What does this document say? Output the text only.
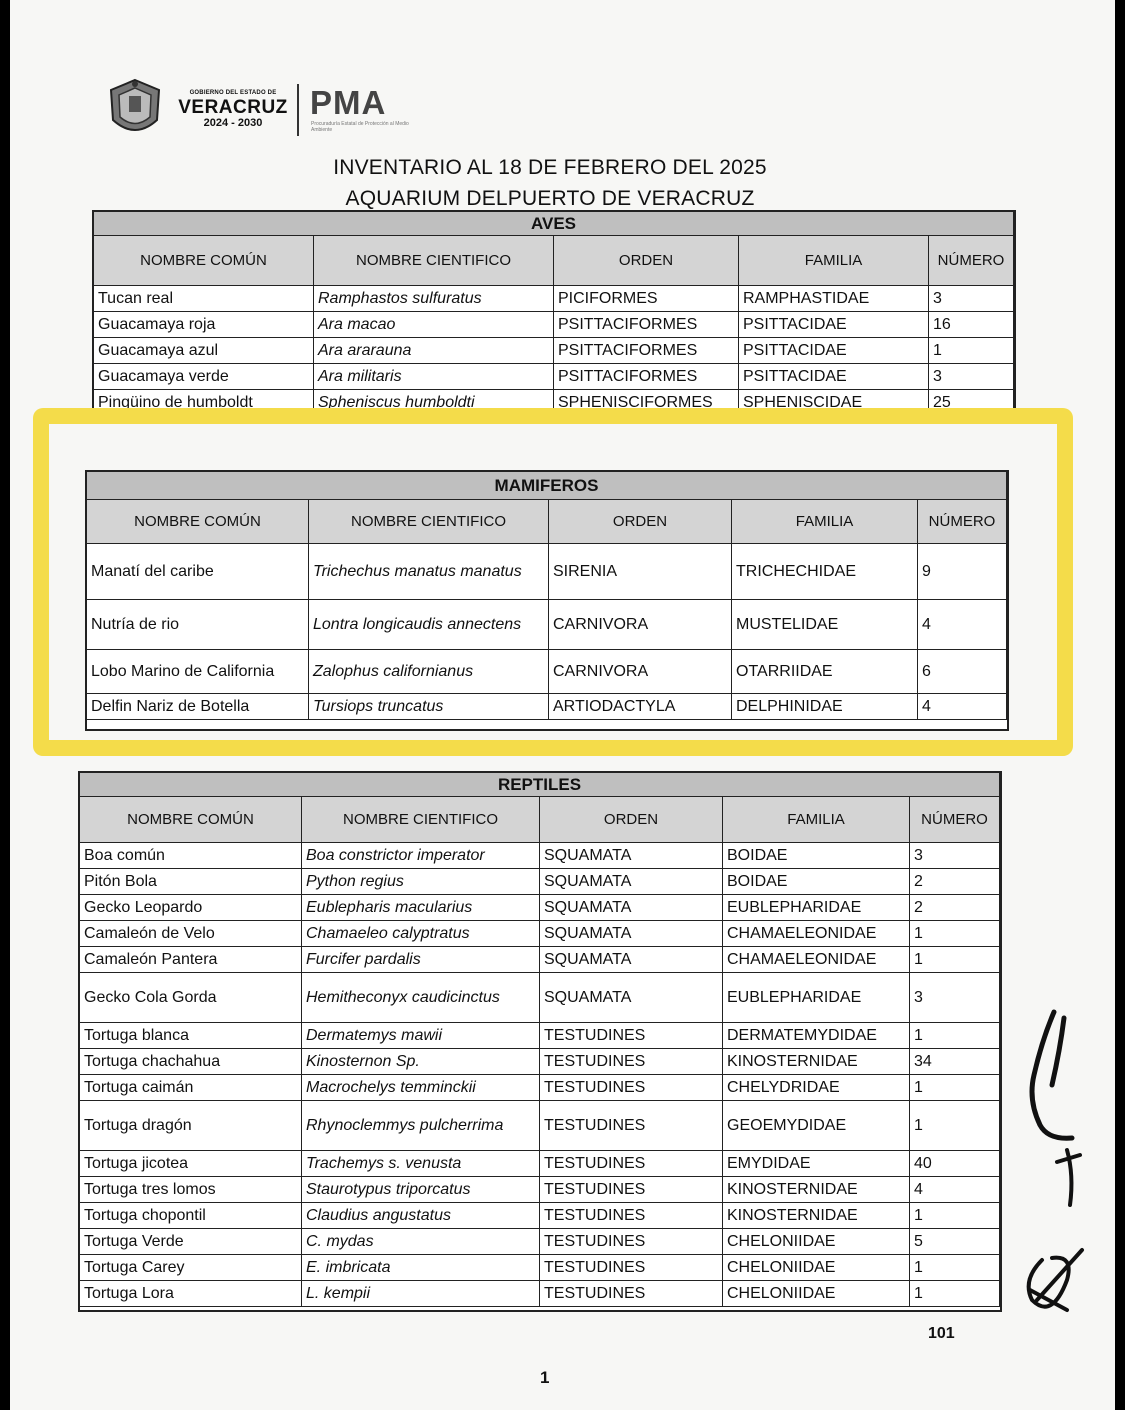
GOBIERNO DEL ESTADO DE
VERACRUZ
2024 - 2030
PMA
Procuraduría Estatal de Protección al Medio Ambiente
INVENTARIO AL 18 DE FEBRERO DEL 2025
AQUARIUM DELPUERTO DE VERACRUZ
AVES
NOMBRE COMÚN	NOMBRE CIENTIFICO	ORDEN	FAMILIA	NÚMERO
Tucan real	Ramphastos sulfuratus	PICIFORMES	RAMPHASTIDAE	3
Guacamaya roja	Ara macao	PSITTACIFORMES	PSITTACIDAE	16
Guacamaya azul	Ara ararauna	PSITTACIFORMES	PSITTACIDAE	1
Guacamaya verde	Ara militaris	PSITTACIFORMES	PSITTACIDAE	3
Pingüino de humboldt	Spheniscus humboldti	SPHENISCIFORMES	SPHENISCIDAE	25
MAMIFEROS
NOMBRE COMÚN	NOMBRE CIENTIFICO	ORDEN	FAMILIA	NÚMERO
Manatí del caribe	Trichechus manatus manatus	SIRENIA	TRICHECHIDAE	9
Nutría de rio	Lontra longicaudis annectens	CARNIVORA	MUSTELIDAE	4
Lobo Marino de California	Zalophus californianus	CARNIVORA	OTARRIIDAE	6
Delfin Nariz de Botella	Tursiops truncatus	ARTIODACTYLA	DELPHINIDAE	4
REPTILES
NOMBRE COMÚN	NOMBRE CIENTIFICO	ORDEN	FAMILIA	NÚMERO
Boa común	Boa constrictor imperator	SQUAMATA	BOIDAE	3
Pitón Bola	Python regius	SQUAMATA	BOIDAE	2
Gecko Leopardo	Eublepharis macularius	SQUAMATA	EUBLEPHARIDAE	2
Camaleón de Velo	Chamaeleo calyptratus	SQUAMATA	CHAMAELEONIDAE	1
Camaleón Pantera	Furcifer pardalis	SQUAMATA	CHAMAELEONIDAE	1
Gecko Cola Gorda	Hemitheconyx caudicinctus	SQUAMATA	EUBLEPHARIDAE	3
Tortuga blanca	Dermatemys mawii	TESTUDINES	DERMATEMYDIDAE	1
Tortuga chachahua	Kinosternon Sp.	TESTUDINES	KINOSTERNIDAE	34
Tortuga caimán	Macrochelys temminckii	TESTUDINES	CHELYDRIDAE	1
Tortuga dragón	Rhynoclemmys pulcherrima	TESTUDINES	GEOEMYDIDAE	1
Tortuga jicotea	Trachemys s. venusta	TESTUDINES	EMYDIDAE	40
Tortuga tres lomos	Staurotypus triporcatus	TESTUDINES	KINOSTERNIDAE	4
Tortuga chopontil	Claudius angustatus	TESTUDINES	KINOSTERNIDAE	1
Tortuga Verde	C. mydas	TESTUDINES	CHELONIIDAE	5
Tortuga Carey	E. imbricata	TESTUDINES	CHELONIIDAE	1
Tortuga Lora	L. kempii	TESTUDINES	CHELONIIDAE	1
101
1
